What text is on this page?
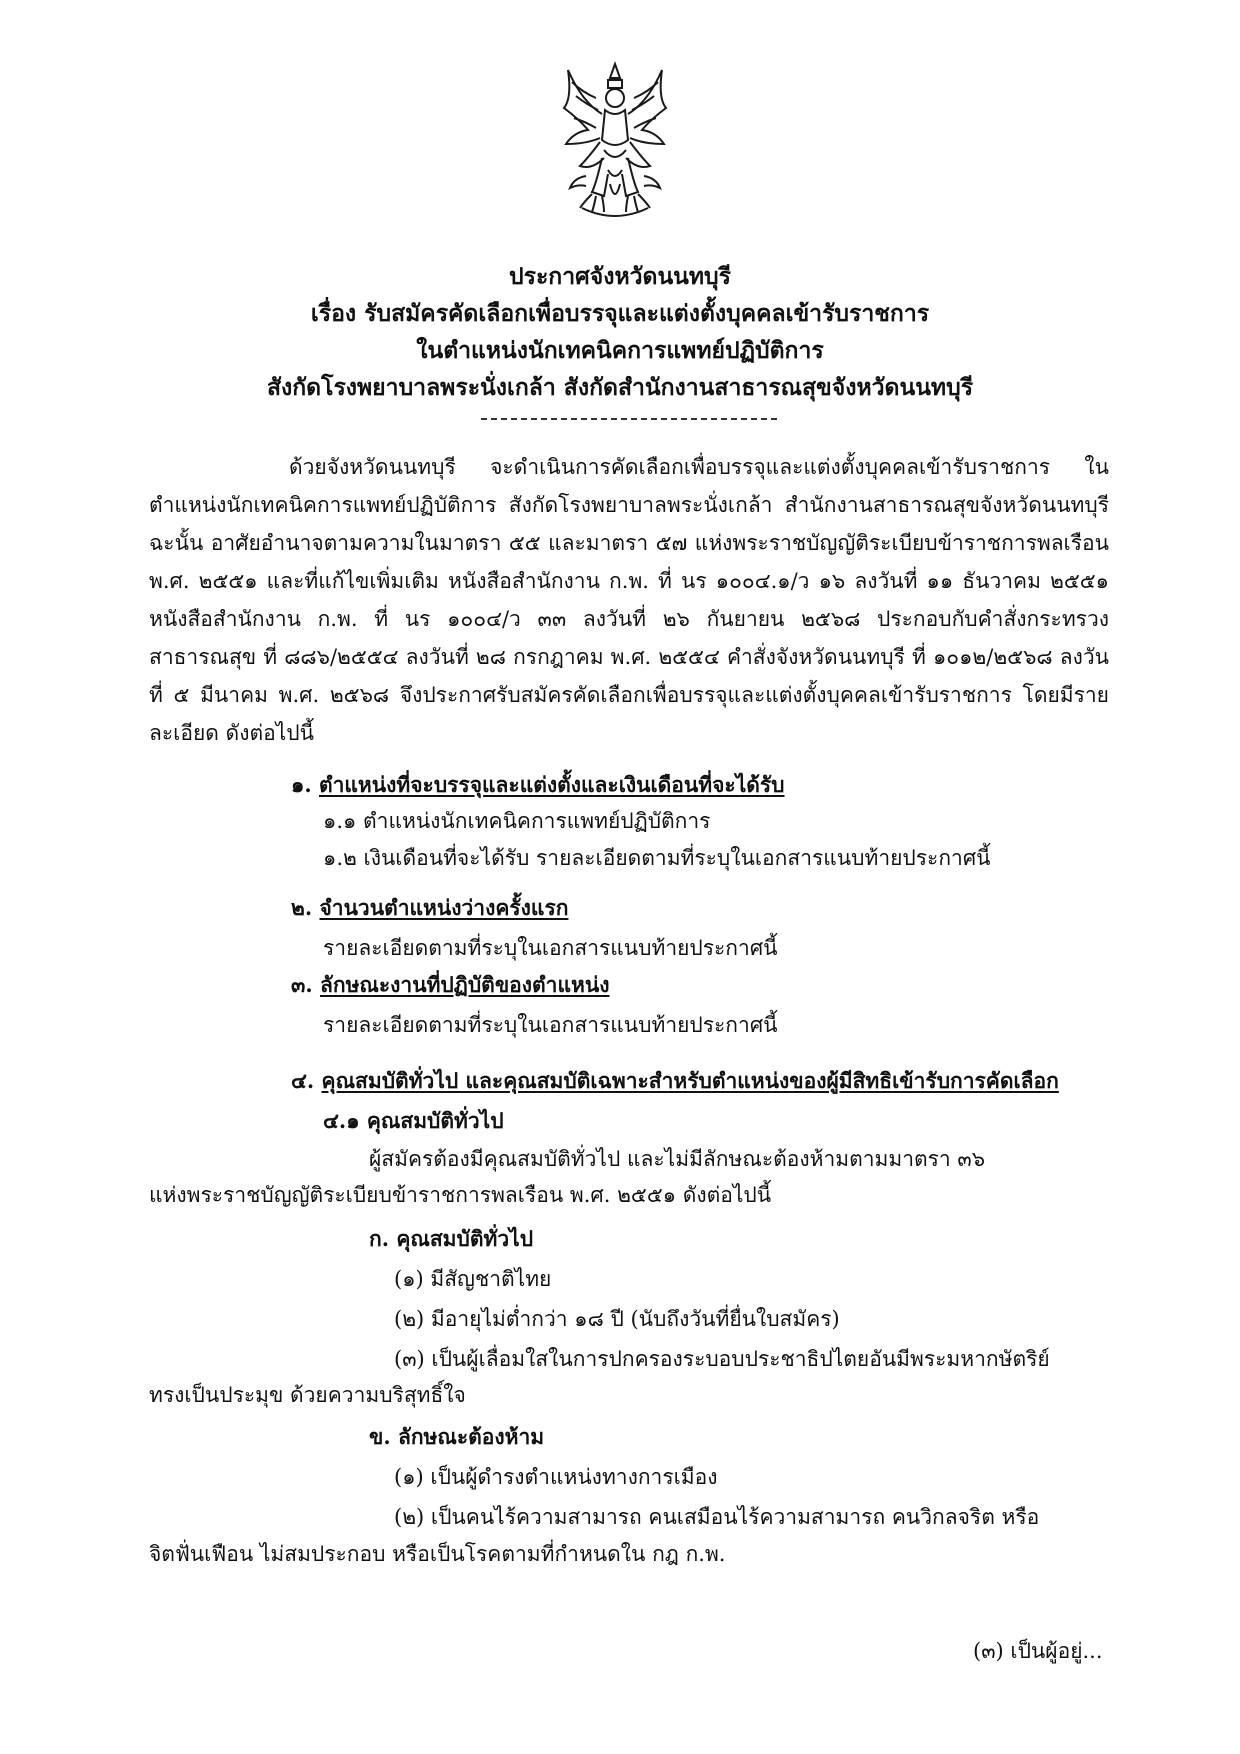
ประกาศจังหวัดนนทบุรี
เรื่อง รับสมัครคัดเลือกเพื่อบรรจุและแต่งตั้งบุคคลเข้ารับราชการ
ในตำแหน่งนักเทคนิคการแพทย์ปฏิบัติการ
สังกัดโรงพยาบาลพระนั่งเกล้า สังกัดสำนักงานสาธารณสุขจังหวัดนนทบุรี
ด้วยจังหวัดนนทบุรี จะดำเนินการคัดเลือกเพื่อบรรจุและแต่งตั้งบุคคลเข้ารับราชการ ในตำแหน่งนักเทคนิคการแพทย์ปฏิบัติการ สังกัดโรงพยาบาลพระนั่งเกล้า สำนักงานสาธารณสุขจังหวัดนนทบุรี ฉะนั้น อาศัยอำนาจตามความในมาตรา ๕๕ และมาตรา ๕๗ แห่งพระราชบัญญัติระเบียบข้าราชการพลเรือน พ.ศ. ๒๕๕๑ และที่แก้ไขเพิ่มเติม หนังสือสำนักงาน ก.พ. ที่ นร ๑๐๐๔.๑/ว ๑๖ ลงวันที่ ๑๑ ธันวาคม ๒๕๕๑ หนังสือสำนักงาน ก.พ. ที่ นร ๑๐๐๔/ว ๓๓ ลงวันที่ ๒๖ กันยายน ๒๕๖๘ ประกอบกับคำสั่งกระทรวงสาธารณสุข ที่ ๘๘๖/๒๕๕๔ ลงวันที่ ๒๘ กรกฎาคม พ.ศ. ๒๕๕๔ คำสั่งจังหวัดนนทบุรี ที่ ๑๐๑๒/๒๕๖๘ ลงวันที่ ๕ มีนาคม พ.ศ. ๒๕๖๘ จึงประกาศรับสมัครคัดเลือกเพื่อบรรจุและแต่งตั้งบุคคลเข้ารับราชการ โดยมีรายละเอียด ดังต่อไปนี้
๑. ตำแหน่งที่จะบรรจุและแต่งตั้งและเงินเดือนที่จะได้รับ
๑.๑ ตำแหน่งนักเทคนิคการแพทย์ปฏิบัติการ
๑.๒ เงินเดือนที่จะได้รับ รายละเอียดตามที่ระบุในเอกสารแนบท้ายประกาศนี้
๒. จำนวนตำแหน่งว่างครั้งแรก
รายละเอียดตามที่ระบุในเอกสารแนบท้ายประกาศนี้
๓. ลักษณะงานที่ปฏิบัติของตำแหน่ง
รายละเอียดตามที่ระบุในเอกสารแนบท้ายประกาศนี้
๔. คุณสมบัติทั่วไป และคุณสมบัติเฉพาะสำหรับตำแหน่งของผู้มีสิทธิเข้ารับการคัดเลือก
๔.๑ คุณสมบัติทั่วไป
ผู้สมัครต้องมีคุณสมบัติทั่วไป และไม่มีลักษณะต้องห้ามตามมาตรา ๓๖
แห่งพระราชบัญญัติระเบียบข้าราชการพลเรือน พ.ศ. ๒๕๕๑ ดังต่อไปนี้
ก. คุณสมบัติทั่วไป
(๑) มีสัญชาติไทย
(๒) มีอายุไม่ต่ำกว่า ๑๘ ปี (นับถึงวันที่ยื่นใบสมัคร)
(๓) เป็นผู้เลื่อมใสในการปกครองระบอบประชาธิปไตยอันมีพระมหากษัตริย์
ทรงเป็นประมุข ด้วยความบริสุทธิ์ใจ
ข. ลักษณะต้องห้าม
(๑) เป็นผู้ดำรงตำแหน่งทางการเมือง
(๒) เป็นคนไร้ความสามารถ คนเสมือนไร้ความสามารถ คนวิกลจริต หรือ
จิตฟั่นเฟือน ไม่สมประกอบ หรือเป็นโรคตามที่กำหนดใน กฎ ก.พ.
(๓) เป็นผู้อยู่...
